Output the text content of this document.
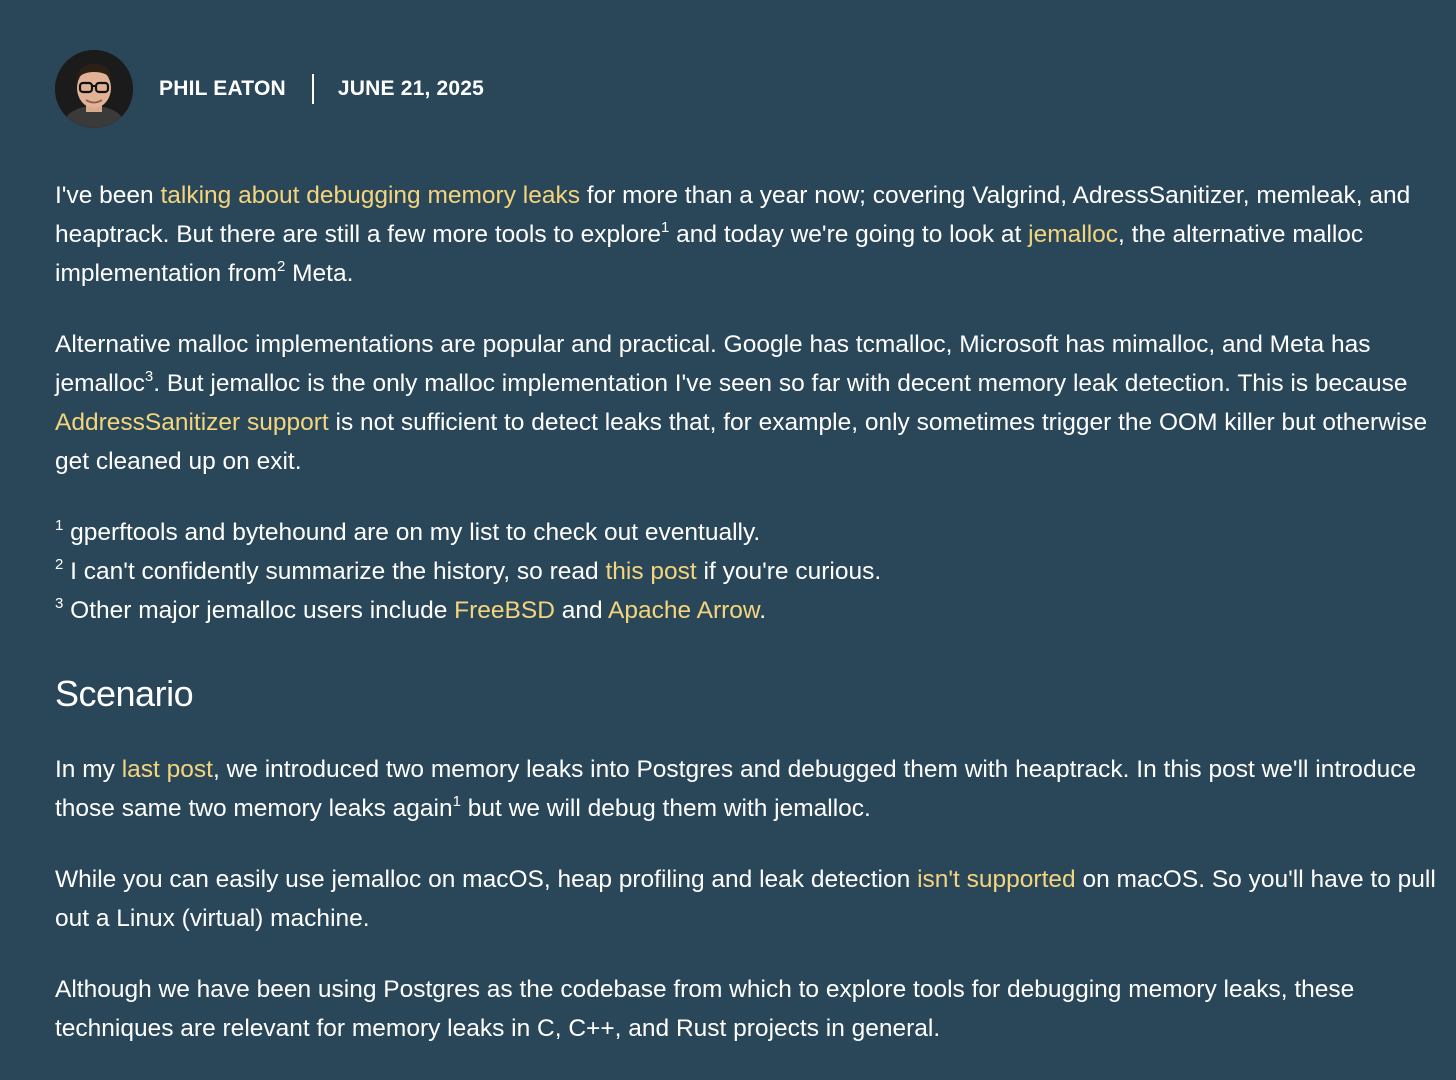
PHIL EATON JUNE 21, 2025

I've been talking about debugging memory leaks for more than a year now; covering Valgrind, AdressSanitizer, memleak, and heaptrack. But there are still a few more tools to explore$^1$ and today we're going to look at jemalloc, the alternative malloc implementation from$^2$ Meta.

Alternative malloc implementations are popular and practical. Google has tcmalloc, Microsoft has mimalloc, and Meta has jemalloc$^3$. But jemalloc is the only malloc implementation I've seen so far with decent memory leak detection. This is because AddressSanitizer support is not sufficient to detect leaks that, for example, only sometimes trigger the OOM killer but otherwise get cleaned up on exit.

$^1$ gperftools and bytehound are on my list to check out eventually.
$^2$ I can't confidently summarize the history, so read this post if you're curious.
$^3$ Other major jemalloc users include FreeBSD and Apache Arrow.

Scenario

In my last post, we introduced two memory leaks into Postgres and debugged them with heaptrack. In this post we'll introduce those same two memory leaks again$^1$ but we will debug them with jemalloc.

While you can easily use jemalloc on macOS, heap profiling and leak detection isn't supported on macOS. So you'll have to pull out a Linux (virtual) machine.

Although we have been using Postgres as the codebase from which to explore tools for debugging memory leaks, these techniques are relevant for memory leaks in C, C++, and Rust projects in general.
